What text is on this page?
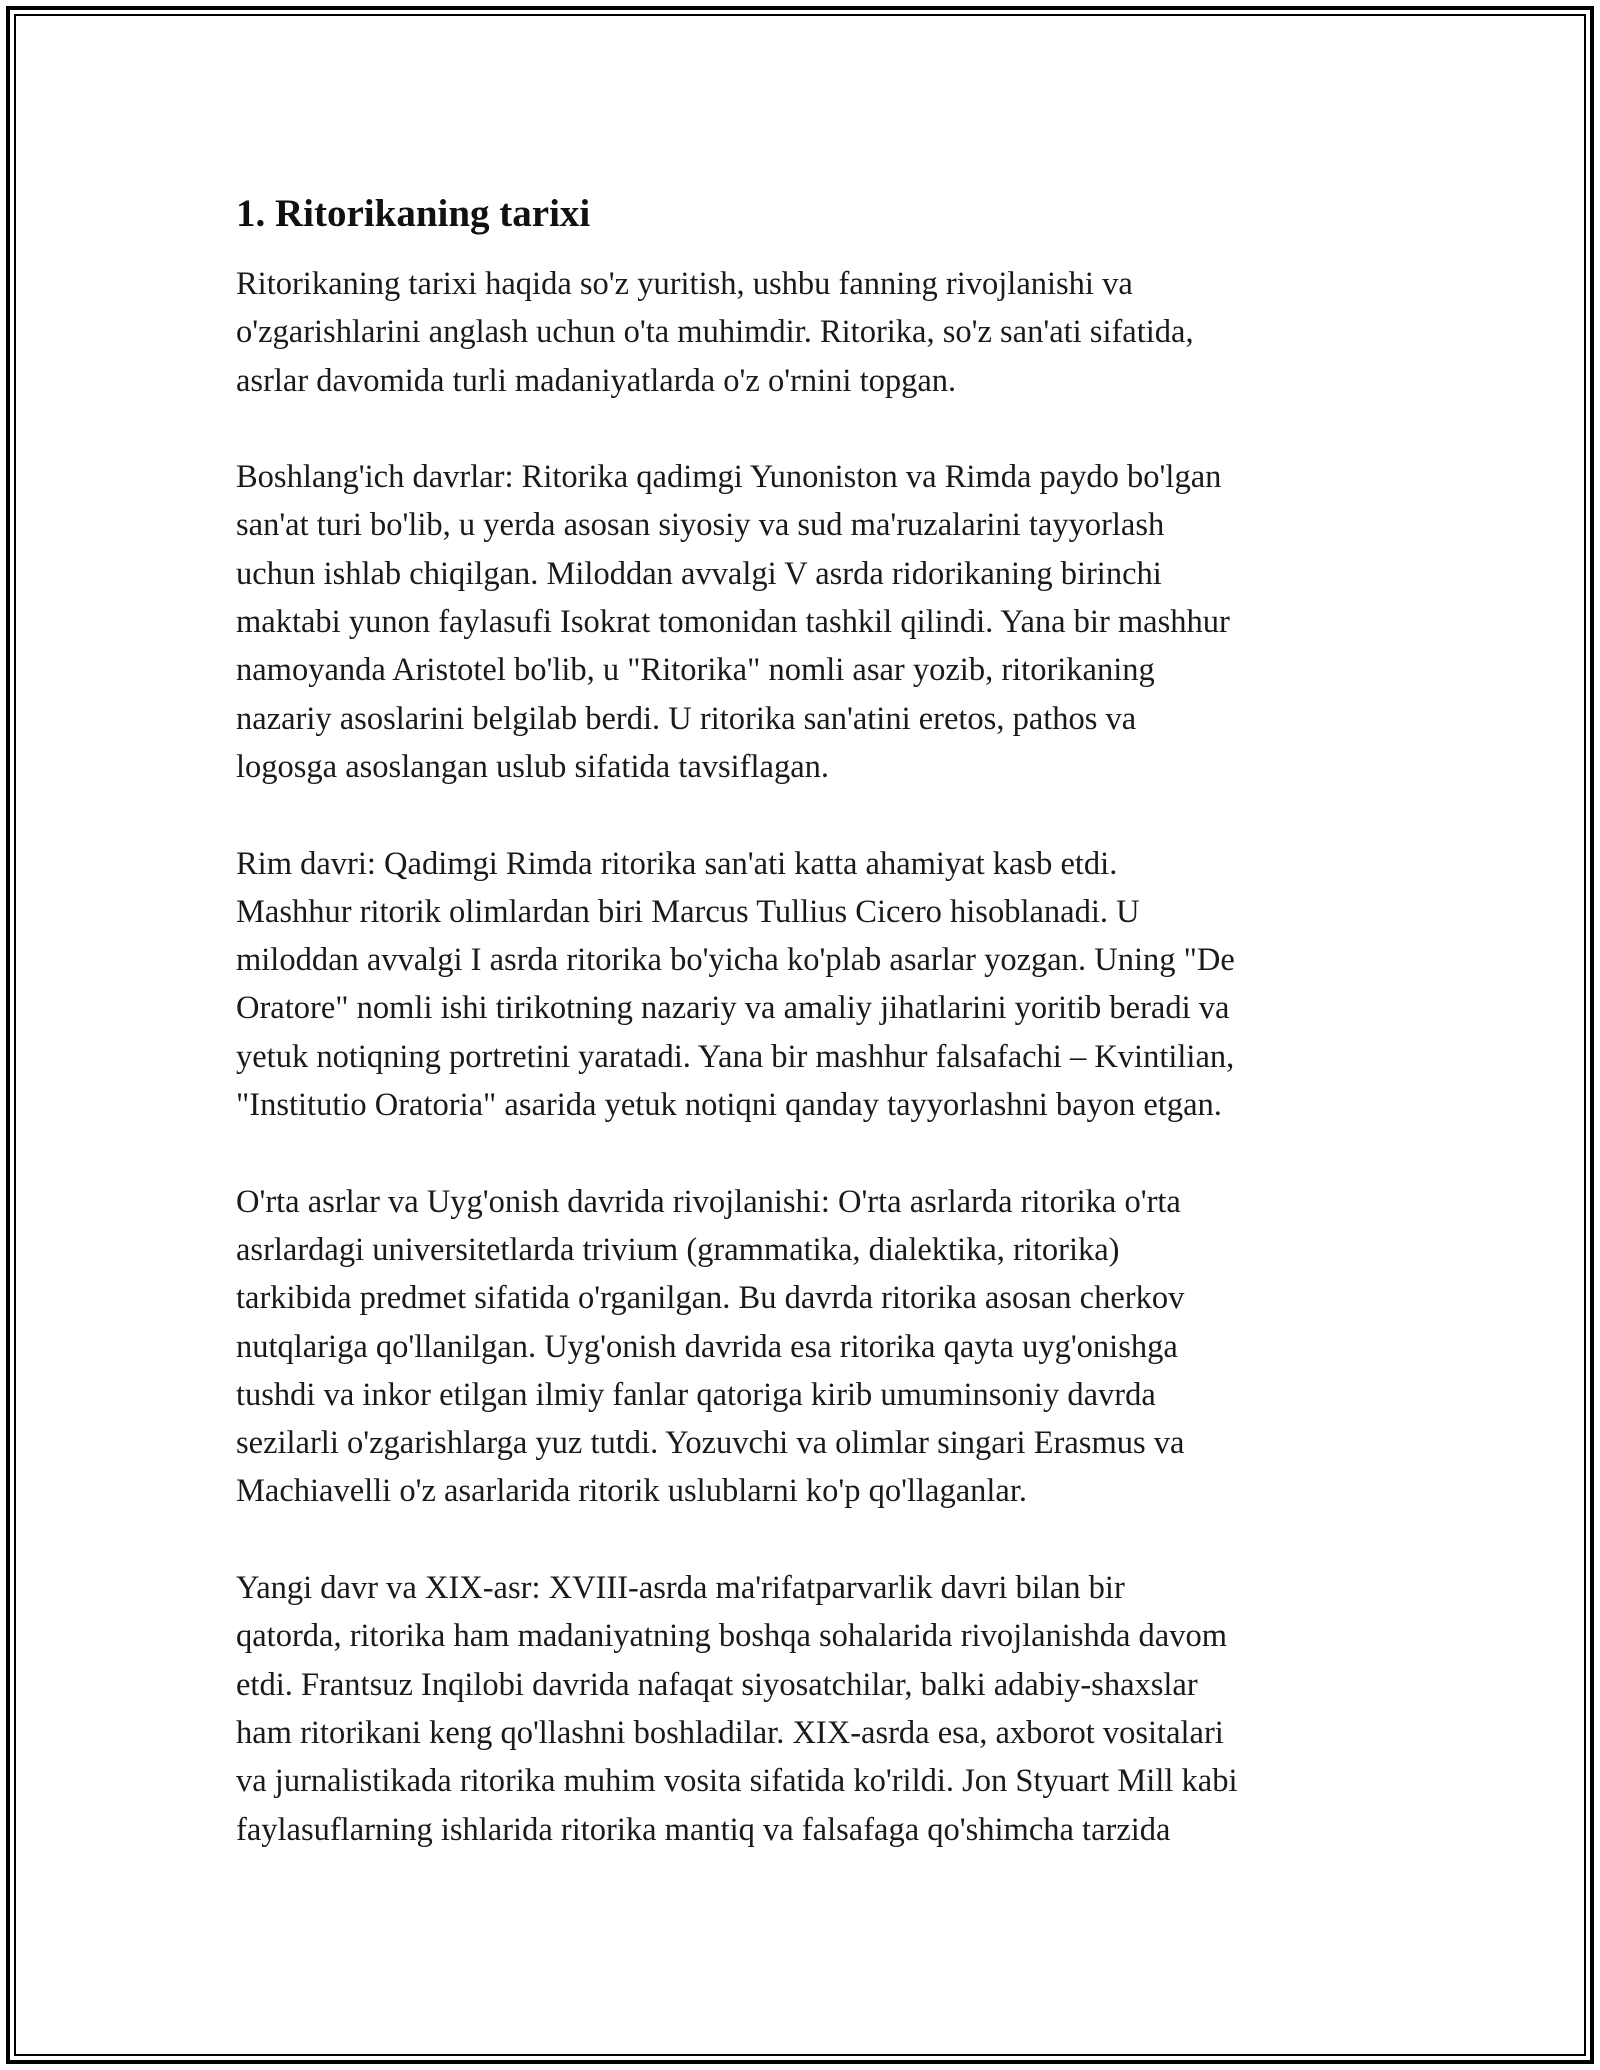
1. Ritorikaning tarixi
Ritorikaning tarixi haqida so'z yuritish, ushbu fanning rivojlanishi va
o'zgarishlarini anglash uchun o'ta muhimdir. Ritorika, so'z san'ati sifatida,
asrlar davomida turli madaniyatlarda o'z o'rnini topgan.
Boshlang'ich davrlar: Ritorika qadimgi Yunoniston va Rimda paydo bo'lgan
san'at turi bo'lib, u yerda asosan siyosiy va sud ma'ruzalarini tayyorlash
uchun ishlab chiqilgan. Miloddan avvalgi V asrda ridorikaning birinchi
maktabi yunon faylasufi Isokrat tomonidan tashkil qilindi. Yana bir mashhur
namoyanda Aristotel bo'lib, u "Ritorika" nomli asar yozib, ritorikaning
nazariy asoslarini belgilab berdi. U ritorika san'atini eretos, pathos va
logosga asoslangan uslub sifatida tavsiflagan.
Rim davri: Qadimgi Rimda ritorika san'ati katta ahamiyat kasb etdi.
Mashhur ritorik olimlardan biri Marcus Tullius Cicero hisoblanadi. U
miloddan avvalgi I asrda ritorika bo'yicha ko'plab asarlar yozgan. Uning "De
Oratore" nomli ishi tirikotning nazariy va amaliy jihatlarini yoritib beradi va
yetuk notiqning portretini yaratadi. Yana bir mashhur falsafachi – Kvintilian,
"Institutio Oratoria" asarida yetuk notiqni qanday tayyorlashni bayon etgan.
O'rta asrlar va Uyg'onish davrida rivojlanishi: O'rta asrlarda ritorika o'rta
asrlardagi universitetlarda trivium (grammatika, dialektika, ritorika)
tarkibida predmet sifatida o'rganilgan. Bu davrda ritorika asosan cherkov
nutqlariga qo'llanilgan. Uyg'onish davrida esa ritorika qayta uyg'onishga
tushdi va inkor etilgan ilmiy fanlar qatoriga kirib umuminsoniy davrda
sezilarli o'zgarishlarga yuz tutdi. Yozuvchi va olimlar singari Erasmus va
Machiavelli o'z asarlarida ritorik uslublarni ko'p qo'llaganlar.
Yangi davr va XIX-asr: XVIII-asrda ma'rifatparvarlik davri bilan bir
qatorda, ritorika ham madaniyatning boshqa sohalarida rivojlanishda davom
etdi. Frantsuz Inqilobi davrida nafaqat siyosatchilar, balki adabiy-shaxslar
ham ritorikani keng qo'llashni boshladilar. XIX-asrda esa, axborot vositalari
va jurnalistikada ritorika muhim vosita sifatida ko'rildi. Jon Styuart Mill kabi
faylasuflarning ishlarida ritorika mantiq va falsafaga qo'shimcha tarzida
